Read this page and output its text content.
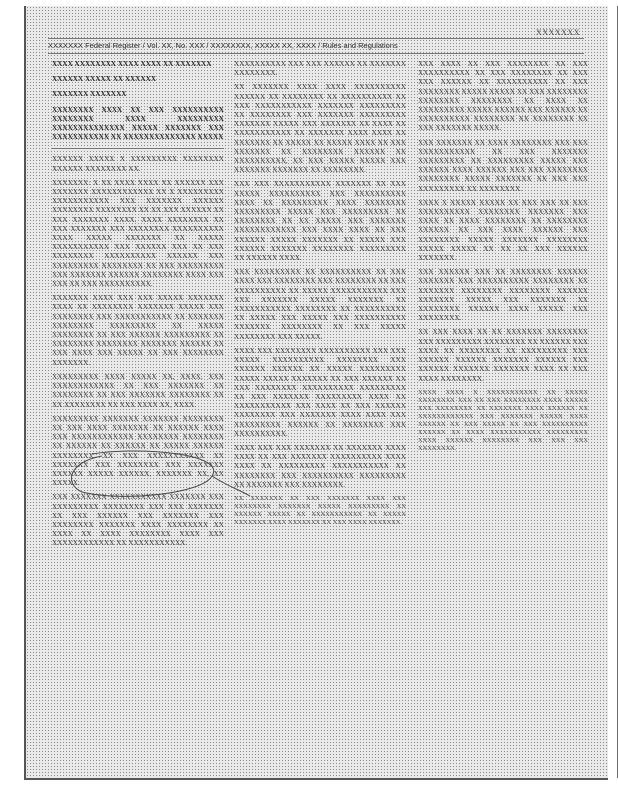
XXXXXXX
XXXXXXX Federal Register / Vol. XX, No. XXX / XXXXXXXX, XXXXX XX, XXXX / Rules and Regulations

XXXX XXXXXXXX XXXX XXXX XX XXXXXXX

XXXXXX XXXXX XX XXXXXX

XXXXXXX XXXXXXX

XXXXXXXX XXXX XX XXX XXXXXXXXXX XXXXXXXX XXXX XXXXXXXXX XXXXXXXXXXXXXX XXXXX XXXXXXX XXX XXXXXXXXXXX XX XXXXXXXXXXXXXX XXXXX

XXXXXX XXXXX X XXXXXXXXX XXXXXXXX XXXXXX XXXXXXXX XX.

XXXXXXX: X XX XXXX XXXX XX XXXXXX XXX XXXXXXX XXXXXXXXXXXX XX X XXXXXXXXX XXXXXXXXXXX XXX XXXXXXX XXXXXX XXXXXXXX XXXXXXXX XX XX XXX XXXXXX XX XXX XXXXXXX XXXX. XXXX XXXXXXXX XX XXX XXXXXXX XXX XXXXXXXX XXXXXXXXXX XXXX XXXXX XXXXXXX XX XXXXX XXXXXXXXXXX XXX XXXXXX XXX XX XXX XXXXXXXX XXXXXXXXXX XXXXXX XXX XXXXXXXXX XXXXXXXX XX XXX XXXXXXXXX XXX XXXXXXX XXXXXX XXXXXXXX XXXX XXX XXX XX XXX XXXXXXXXXX.

XXXXXXX XXXX XXX XXX XXXXX XXXXXXX XXXX XX XXXXXXXX XXXXXXX XXXXX XXX XXXXXXXX XXX XXXXXXXXXXX XX XXXXXXX XXXXXXXX XXXXXXXXX XX XXXXX XXXXXXXX XX XXX XXXXXX XXXXXXXXX XX XXXXXXXX XXXXXXXX XXXXXXX XXXXXX XX XXX XXXX XXX XXXXX XX XXX XXXXXXXX XXXXXXX.

XXXXXXXXX XXXX XXXXX XX, XXXX. XXX XXXXXXXXXXXX XX XXX XXXXXXX XX XXXXXXXX XX XXX XXXXXXX XXXXXXXX XX XX XXXXXXXX XX XXX XXXX XX, XXXX.

XXXXXXXXX XXXXXXX XXXXXXX XXXXXXXX XX XXX XXXX XXXXXXX XX XXXXXX XXXX XXX XXXXXXXXXXXX XXXXXXXX XXXXXXXX XX XXXXXX XX XXXXXX XX XXXXX XXXXXX XXXXXXXX XX XXX XXXXXXXXXXX XX XXXXXXX XXX XXXXXXXX XXX XXXXXXX XXXXXX XXXXX XXXXXX, XXXXXXX XX, XX XXXXX.

XXX XXXXXXX XXXXXXXXXXX XXXXXXX XXX XXXXXXXXX XXXXXXXX XXX XXX XXXXXXX XX XXX XXXXXX XXX XXXXXXX XXX XXXXXXXX XXXXXXX XXXX XXXXXXXX XX XXXX XX XXXX XXXXXXXX XXXX XXX XXXXXXXXXXXX XX XXXXXXXXXXX.

XXXXXXXXXX XXX XXX XXXXXX XX XXXXXXX XXXXXXXX.

XX XXXXXXX XXXX XXXX XXXXXXXXXX XXXXXX XX XXXXXXXX XX XXXXXXXXXX XX XXX XXXXXXXXXXX XXXXXXX XXXXXXXXX XX XXXXXXXX XXX XXXXXXX XXXXXXXXX XXXXXXX XXXXX XXX XXXXXXX XX XXXX XX XXXXXXXXXXX XX XXXXXXX XXXX XXXX XX XXXXXXX XX XXXXX XX XXXXX XXXX XX XXX XXXXXXX XX XXXXXXXX XXXXXX XX XXXXXXXXXX, XX XXX XXXXX XXXXX XXX XXXXXXX XXXXXXX XX XXXXXXXX.

XXX XXX XXXXXXXXXXX XXXXXXX XX XXX XXXXX XXXXXXXXXX XXX XXXXXXXXXX XXXX XX XXXXXXXXX XXXX XXXXXXXX XXXXXXXXX XXXXX XXX XXXXXXXXX XX XXXXXXXX XX XX XXXXX XXX XXXXXXX XXXXXXXXXXXX XXX XXXX XXXX XX XXX XXXXXX XXXXX XXXXXXX XX XXXXX XXX XXXXXX XXXXXXX XXXXXXXX XXXXXXXXX XX XXXXXX XXXX.

XXX XXXXXXXXX XX XXXXXXXXXX XX XXX XXXX XXX XXXXXXXX XXX XXXXXXXX XX XXX XXXXXXXXXX XX XXXXX XXXXXXXXXXX XXX XXX XXXXXXX XXXXX XXXXXXX XX XXXXXXXXXXX XXXXXXXX XX XXXXXXXXXX XX XXXXX XXX XXXXX XXX XXXXXXXXXX XXXXXXX XXXXXXXX XX XXX XXXXX XXXXXXXX XXX XXXXX.

XXXX XXX XXXXXXXX XXXXXXXXXX XXX XXX XXXXX XXXXXXXXXX XXXXXXXX XXX XXXXXX XXXXXX XX XXXXX XXXXXXXXX XXXXX XXXXX XXXXXXX XX XXX XXXXXX XX XXX XXXXXXXX XXXXXXXXXX XXXXXXXXX XX XXX XXXXXXX XXXXXXXXX XXXX XX XXXXXXXXXXX XXX XXXX XX XXX XXXXXX XXXXXXXX XXX XXXXXXX XXXX XXXX XXX XXXXXXXXX XXXXXX XX XXXXXXXX XXX XXXXXXXXXX.

XXXX XXX XXX XXXXXXX XX XXXXXXX XXXX XXXX XX XXX XXXXXXX XXXXXXXXXX XXXX XXXX XX XXXXXXXXX XXXXXXXXXXX XX XXXXXXXX XXX XXXXXXXXXX XXXXXXXXX XX XXXXXXX XXX XXXXXXXX.

XX XXXXXXX XX XXX XXXXXXX XXXX XXX XXXXXXXX XXXXXXX XXXXX XXXXXXXXX XX XXXXXX XXXXX XX XXXXXXXXXXX XX XXXXX XXXXXXX XXXX XXXXXXX XX XXX XXXX XXXXXXX.

XXX XXXX XX XXX XXXXXXXX XX XXX XXXXXXXXXX XX XXX XXXXXXXX XX XXX XXX XXXXXX XX XXXXXXXXXX XX XXX XXXXXXXX XXXXX XXXXX XX XXX XXXXXXXX XXXXXXXX XXXXXXXX XX XXXX XX XXXXXXXXX XXXXX XXXXXX XXX XXXXXX XX XXXXXXXXXX XXXXXXXX XX XXXXXXXX XX XXX XXXXXXX XXXXX.

XXX XXXXXXX XX XXXX XXXXXXXX XXX XXX XXXXXXXXXXX XX XXX XXXXXXX XXXXXXXXX XX XXXXXXXXX XXXXX XXX XXXXXX XXXX XXXXXX XXX XXX XXXXXXXX XXXXXXXX XXXXX XXXXXXX XX XXX XXX XXXXXXXXX XX XXXXXXXX.

XXXX X XXXXX XXXXX XX XXX XXX XX XXX XXXXXXXXXX XXXXXXXX XXXXXXX XXX XXXX XX XXXX XXXXXXXX XX XXXXXXXX XXXXXX XX XXX XXXX XXXXXX XXX XXXXXXXX XXXXX XXXXXXX XXXXXXXX XXXXX XXXXX XX XX XX XXX XXXXXX XXXXXXX.

XXX XXXXXX XXX XX XXXXXXXX XXXXXX XXXXXXX XXX XXXXXXXXXX XXXXXXXX XX XXXXXXX XXXXXXXX XXXXXXXX XXXXXX XXXXXXX XXXXX XXX XXXXXXX XX XXXXXXXX XXXXXX XXXX XXXXX XXX XXXXXXXX.

XX XXX XXXX XX XX XXXXXXX XXXXXXXX XXX XXXXXXXXX XXXXXXXX XX XXXXXX XXX XXXX XX XXXXXXXX XX XXXXXXXXX XXX XXXXXX XXXXXX XXXXXXX XXXXXX XXX XXXXXX XXXXXXX XXXXXXX XXXX XX XXX XXXX XXXXXXXX.

XXXX XXXX X XXXXXXXXXXX XX XXXXX XXXXXXXX XXX XX XXX XXXXXXXX XXXX XXXXX XXX XXXXXXXX XX XXXXXXX XXXX XXXXXX XX XXXXXXXXXXXX XXX XXXXXXX XXXXX XXXX XXXXXX XX XXX XXXXX XX XXX XXXXXXXXXX XXXXXX XX XXXX XXXXXXXXXXX XXXXXXXXX XXXX XXXXXX XXXXXXXX XXX XXX XXX XXXXXXXX.
